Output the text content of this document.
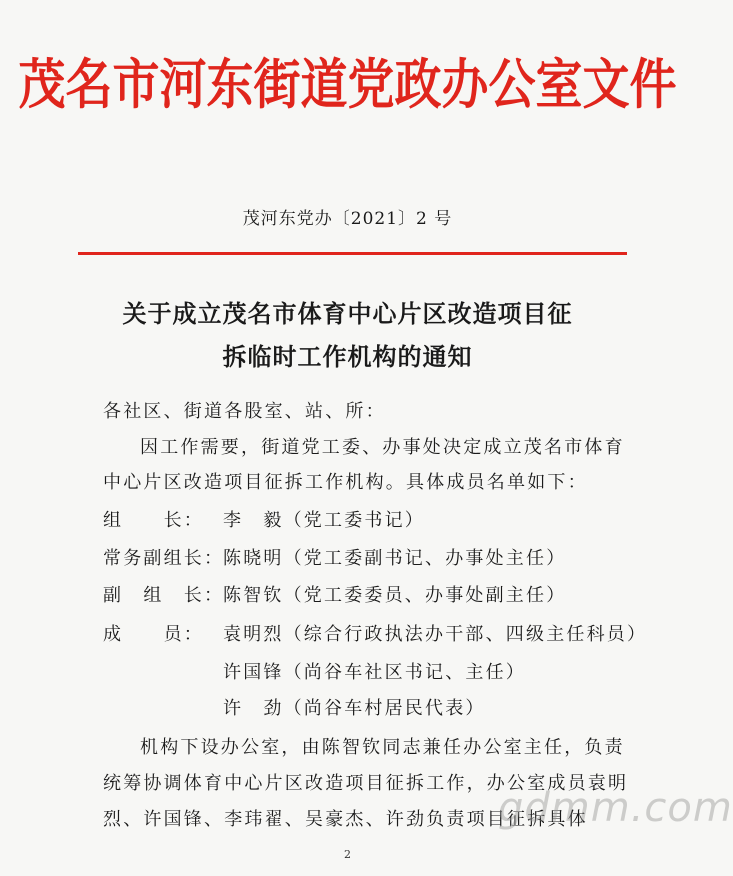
茂名市河东街道党政办公室文件
茂河东党办〔2021〕2 号
关于成立茂名市体育中心片区改造项目征
拆临时工作机构的通知
各社区、街道各股室、站、所：
因工作需要，街道党工委、办事处决定成立茂名市体育
中心片区改造项目征拆工作机构。具体成员名单如下：
组　　长： 李　毅（党工委书记）
常务副组长：陈晓明（党工委副书记、办事处主任）
副　组　长：陈智钦（党工委委员、办事处副主任）
成　　员： 袁明烈（综合行政执法办干部、四级主任科员）
许国锋（尚谷车社区书记、主任）
许　劲（尚谷车村居民代表）
机构下设办公室，由陈智钦同志兼任办公室主任，负责
统筹协调体育中心片区改造项目征拆工作，办公室成员袁明
烈、许国锋、李玮翟、吴豪杰、许劲负责项目征拆具体
gdmm.com
2
